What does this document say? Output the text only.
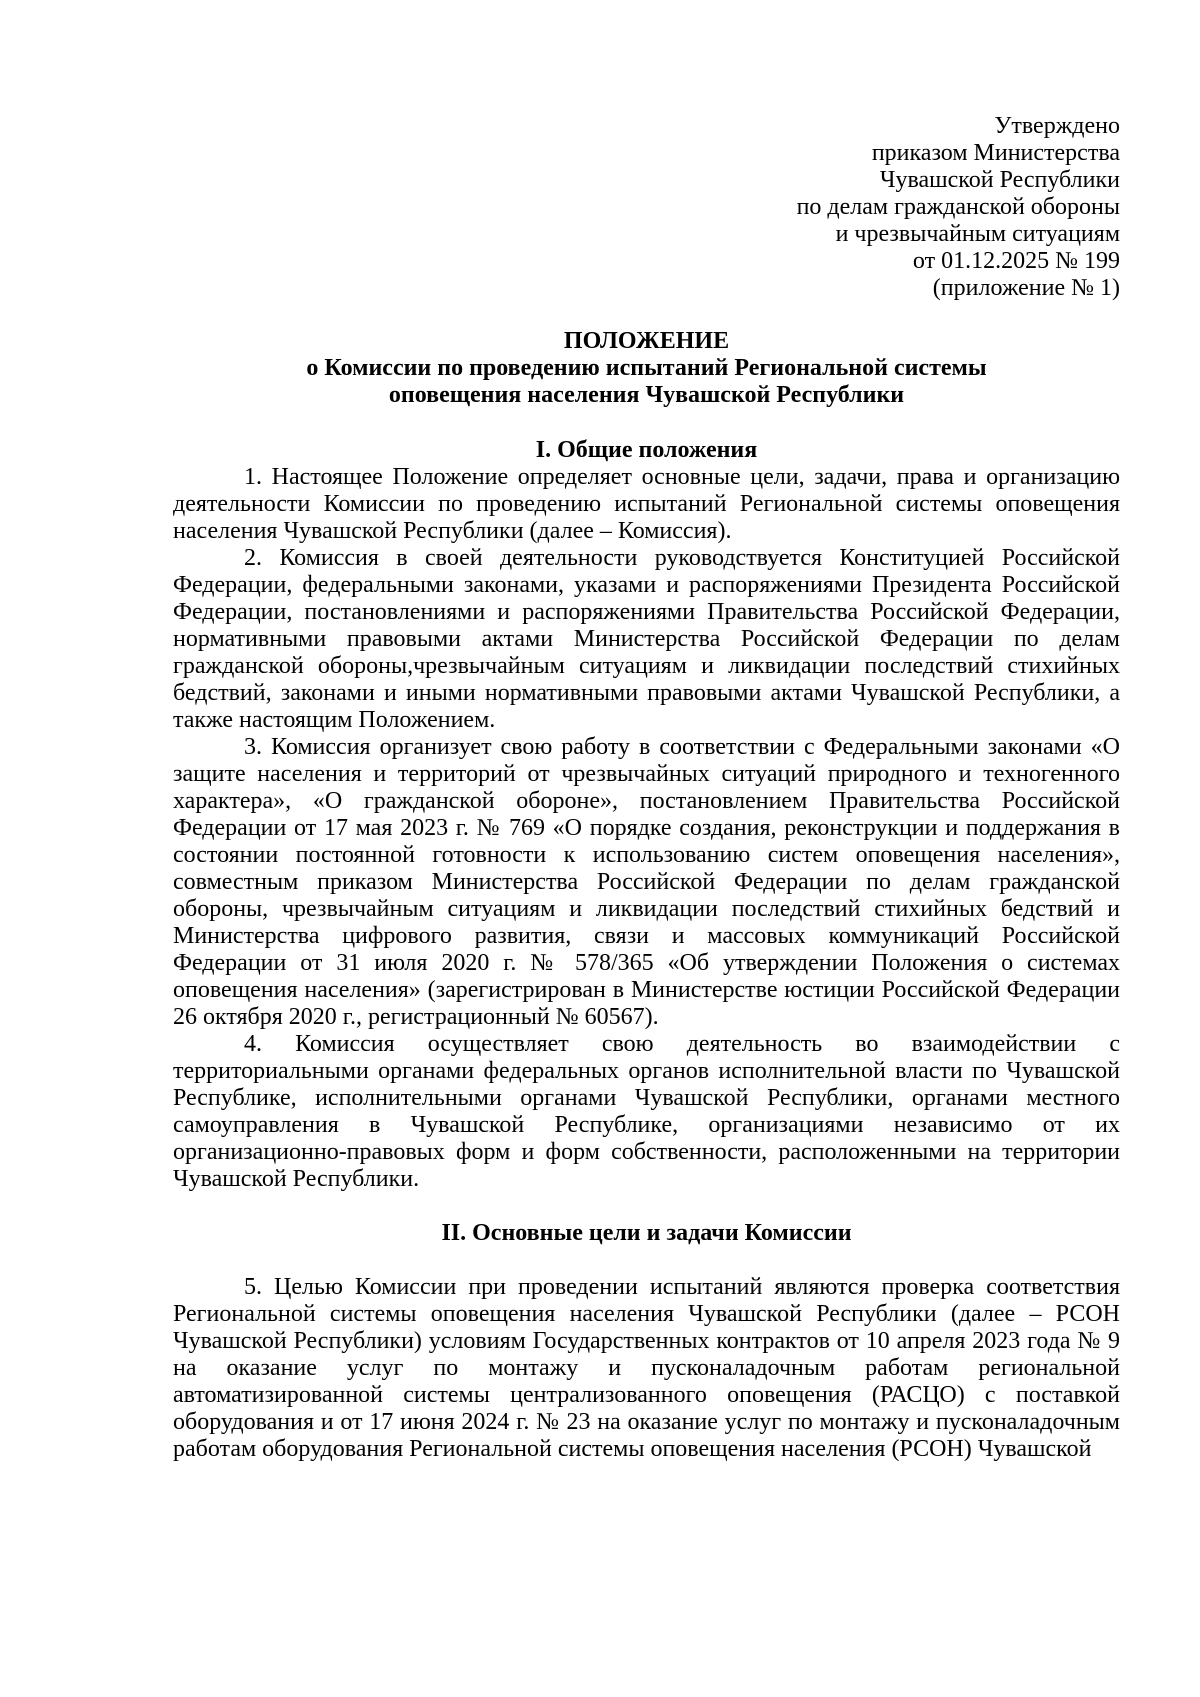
Утверждено
приказом Министерства
Чувашской Республики
по делам гражданской обороны
и чрезвычайным ситуациям
от 01.12.2025 № 199
(приложение № 1)
ПОЛОЖЕНИЕ
о Комиссии по проведению испытаний Региональной системы
оповещения населения Чувашской Республики
I. Общие положения
1. Настоящее Положение определяет основные цели, задачи, права и организацию деятельности Комиссии по проведению испытаний Региональной системы оповещения населения Чувашской Республики (далее – Комиссия).
2. Комиссия в своей деятельности руководствуется Конституцией Российской Федерации, федеральными законами, указами и распоряжениями Президента Российской Федерации, постановлениями и распоряжениями Правительства Российской Федерации, нормативными правовыми актами Министерства Российской Федерации по делам гражданской обороны,чрезвычайным ситуациям и ликвидации последствий стихийных бедствий, законами и иными нормативными правовыми актами Чувашской Республики, а также настоящим Положением.
3. Комиссия организует свою работу в соответствии с Федеральными законами «О защите населения и территорий от чрезвычайных ситуаций природного и техногенного характера», «О гражданской обороне», постановлением Правительства Российской Федерации от 17 мая 2023 г. № 769 «О порядке создания, реконструкции и поддержания в состоянии постоянной готовности к использованию систем оповещения населения», совместным приказом Министерства Российской Федерации по делам гражданской обороны, чрезвычайным ситуациям и ликвидации последствий стихийных бедствий и Министерства цифрового развития, связи и массовых коммуникаций Российской Федерации от 31 июля 2020 г. № 578/365 «Об утверждении Положения о системах оповещения населения» (зарегистрирован в Министерстве юстиции Российской Федерации 26 октября 2020 г., регистрационный № 60567).
4. Комиссия осуществляет свою деятельность во взаимодействии с территориальными органами федеральных органов исполнительной власти по Чувашской Республике, исполнительными органами Чувашской Республики, органами местного самоуправления в Чувашской Республике, организациями независимо от их организационно-правовых форм и форм собственности, расположенными на территории Чувашской Республики.
II. Основные цели и задачи Комиссии
5. Целью Комиссии при проведении испытаний являются проверка соответствия Региональной системы оповещения населения Чувашской Республики (далее – РСОН Чувашской Республики) условиям Государственных контрактов от 10 апреля 2023 года № 9 на оказание услуг по монтажу и пусконаладочным работам региональной автоматизированной системы централизованного оповещения (РАСЦО) с поставкой оборудования и от 17 июня 2024 г. № 23 на оказание услуг по монтажу и пусконаладочным работам оборудования Региональной системы оповещения населения (РСОН) Чувашской
